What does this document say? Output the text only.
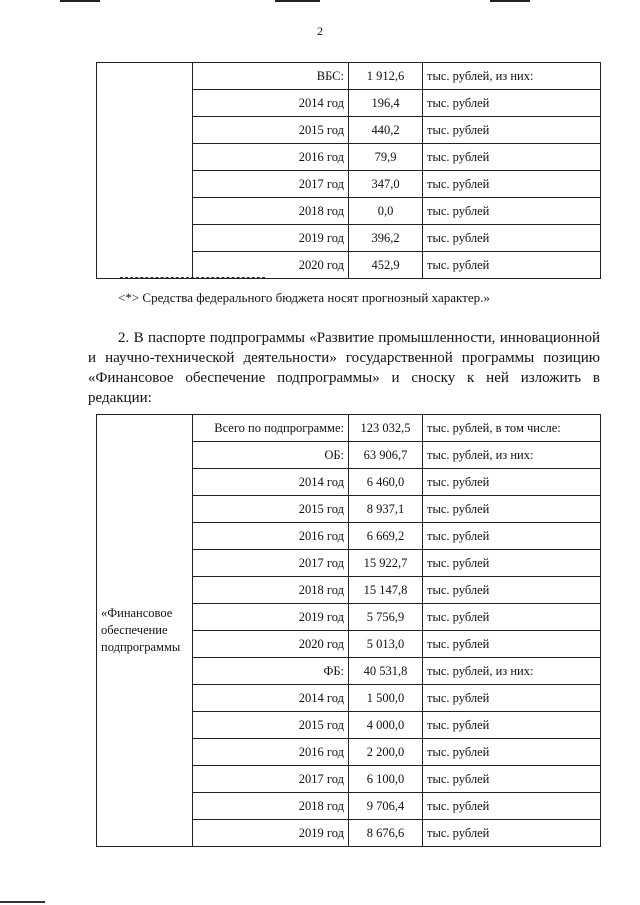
2
	ВБС:	1 912,6	тыс. рублей, из них:
	2014 год	196,4	тыс. рублей
	2015 год	440,2	тыс. рублей
	2016 год	79,9	тыс. рублей
	2017 год	347,0	тыс. рублей
	2018 год	0,0	тыс. рублей
	2019 год	396,2	тыс. рублей
	2020 год	452,9	тыс. рублей
<*> Средства федерального бюджета носят прогнозный характер.»

2. В паспорте подпрограммы «Развитие промышленности, инновационной и научно-технической деятельности» государственной программы позицию «Финансовое обеспечение подпрограммы» и сноску к ней изложить в редакции:

«Финансовое обеспечение подпрограммы	Всего по подпрограмме:	123 032,5	тыс. рублей, в том числе:
	ОБ:	63 906,7	тыс. рублей, из них:
	2014 год	6 460,0	тыс. рублей
	2015 год	8 937,1	тыс. рублей
	2016 год	6 669,2	тыс. рублей
	2017 год	15 922,7	тыс. рублей
	2018 год	15 147,8	тыс. рублей
	2019 год	5 756,9	тыс. рублей
	2020 год	5 013,0	тыс. рублей
	ФБ:	40 531,8	тыс. рублей, из них:
	2014 год	1 500,0	тыс. рублей
	2015 год	4 000,0	тыс. рублей
	2016 год	2 200,0	тыс. рублей
	2017 год	6 100,0	тыс. рублей
	2018 год	9 706,4	тыс. рублей
	2019 год	8 676,6	тыс. рублей
